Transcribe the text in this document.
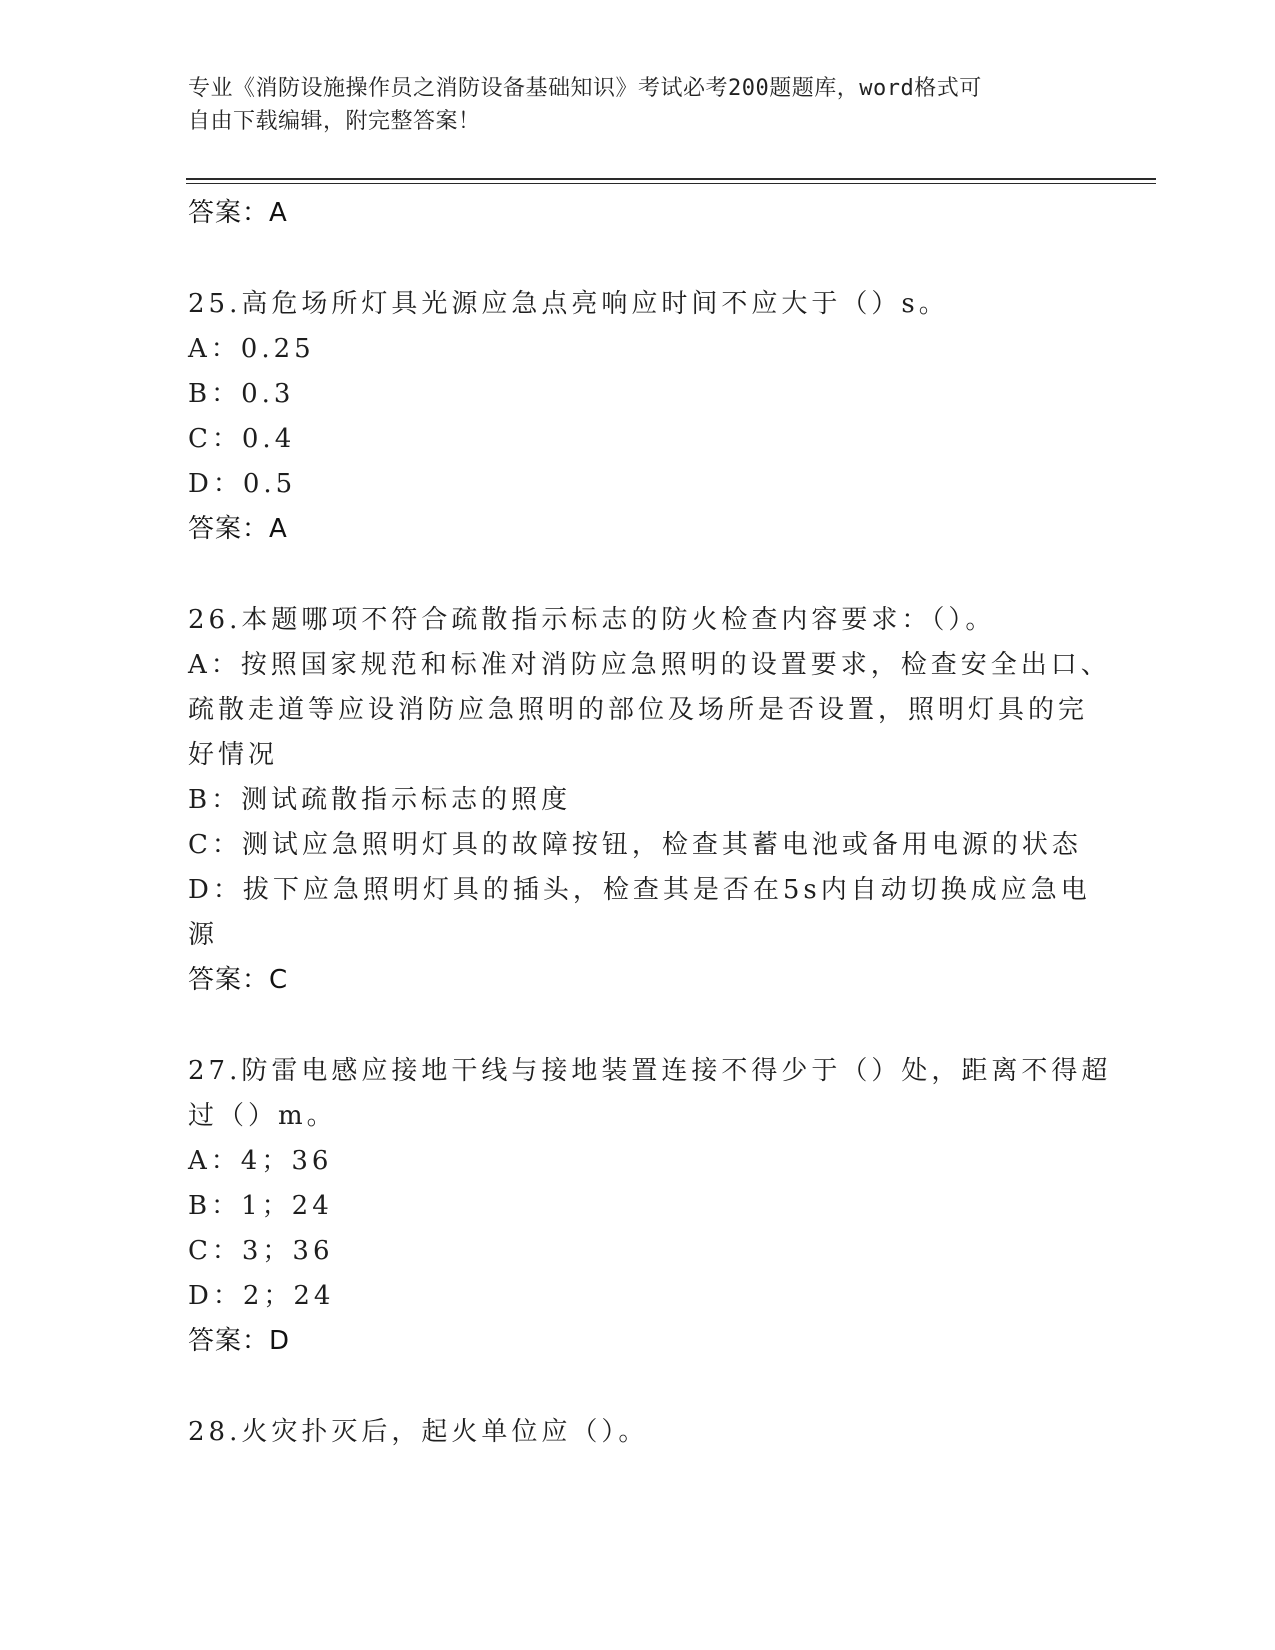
专业《消防设施操作员之消防设备基础知识》考试必考200题题库，word格式可
自由下载编辑，附完整答案！
答案：A
25.高危场所灯具光源应急点亮响应时间不应大于（）s。
A：0.25
B：0.3
C：0.4
D：0.5
答案：A
26.本题哪项不符合疏散指示标志的防火检查内容要求：（）。
A：按照国家规范和标准对消防应急照明的设置要求，检查安全出口、
疏散走道等应设消防应急照明的部位及场所是否设置，照明灯具的完
好情况
B：测试疏散指示标志的照度
C：测试应急照明灯具的故障按钮，检查其蓄电池或备用电源的状态
D：拔下应急照明灯具的插头，检查其是否在5s内自动切换成应急电
源
答案：C
27.防雷电感应接地干线与接地装置连接不得少于（）处，距离不得超
过（）m。
A：4；36
B：1；24
C：3；36
D：2；24
答案：D
28.火灾扑灭后，起火单位应（）。
